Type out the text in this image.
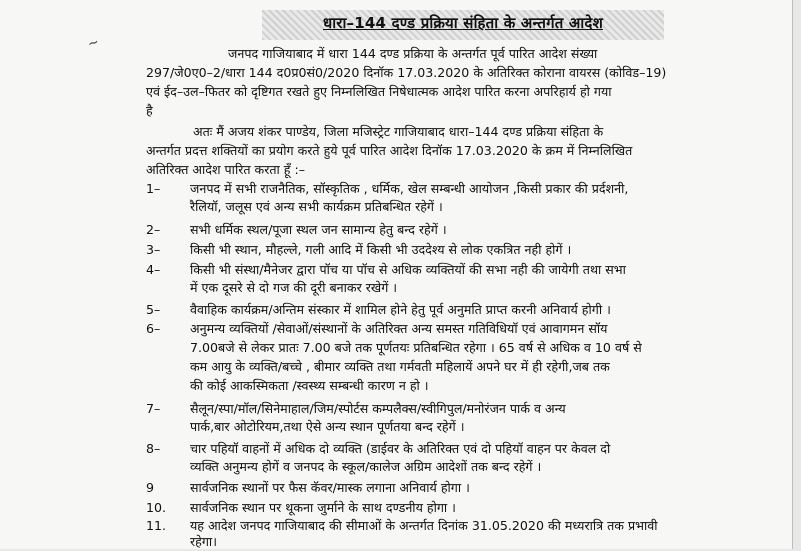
धारा–144 दण्ड प्रक्रिया संहिता के अन्तर्गत आदेश
~
जनपद गाजियाबाद में धारा 144 दण्ड प्रक्रिया के अन्तर्गत पूर्व पारित आदेश संख्या
297/जे0ए0–2/धारा 144 द0प्र0सं0/2020 दिनॉक 17.03.2020 के अतिरिक्त कोराना वायरस (कोविड–19)
एवं ईद–उल–फितर को दृष्टिगत रखते हुए निम्नलिखित निषेधात्मक आदेश पारित करना अपरिहार्य हो गया
है
अतः मैं अजय शंकर पाण्डेय, जिला मजिस्ट्रेट गाजियाबाद धारा–144 दण्ड प्रक्रिया संहिता के
अन्तर्गत प्रदत्त शक्तियों का प्रयोग करते हुये पूर्व पारित आदेश दिनॉक 17.03.2020 के क्रम में निम्नलिखित
अतिरिक्त आदेश पारित करता हूँ :–
1– जनपद में सभी राजनैतिक, सॉस्कृतिक , धर्मिक, खेल सम्बन्धी आयोजन ,किसी प्रकार की प्रर्दशनी,
रैलियॉ, जलूस एवं अन्य सभी कार्यक्रम प्रतिबन्धित रहेगें ।
2– सभी धर्मिक स्थल/पूजा स्थल जन सामान्य हेतु बन्द रहेगें ।
3– किसी भी स्थान, मौहल्ले, गली आदि में किसी भी उददेश्य से लोक एकत्रित नही होगें ।
4– किसी भी संस्था/मैनेजर द्वारा पॉच या पॉच से अधिक व्यक्तियों की सभा नही की जायेगी तथा सभा
में एक दूसरे से दो गज की दूरी बनाकर रखेगें ।
5– वैवाहिक कार्यक्रम/अन्तिम संस्कार में शामिल होने हेतु पूर्व अनुमति प्राप्त करनी अनिवार्य होगी ।
6– अनुमन्य व्यक्तियों /सेवाओं/संस्थानों के अतिरिक्त अन्य समस्त गतिविधियॉ एवं आवागमन सॉय
7.00बजे से लेकर प्रातः 7.00 बजे तक पूर्णतयः प्रतिबन्धित रहेगा । 65 वर्ष से अधिक व 10 वर्ष से
कम आयु के व्यक्ति/बच्चे , बीमार व्यक्ति तथा गर्मवती महिलायें अपने घर में ही रहेगी,जब तक
की कोई आकस्मिकता /स्वस्थ्य सम्बन्धी कारण न हो ।
7– सैलून/स्पा/मॉल/सिनेमाहाल/जिम/स्पोर्टस कम्पलैक्स/स्वीगिपुल/मनोरंजन पार्क व अन्य
पार्क,बार ओटोरियम,तथा ऐसे अन्य स्थान पूर्णतया बन्द रहेगें ।
8– चार पहियॉ वाहनों में अधिक दो व्यक्ति (डाईवर के अतिरिक्त एवं दो पहियॉ वाहन पर केवल दो
व्यक्ति अनुमन्य होगें व जनपद के स्कूल/कालेज अग्रिम आदेशों तक बन्द रहेगें ।
9	सार्वजनिक स्थानों पर फैस कॅवर/मास्क लगाना अनिवार्य होगा ।
10. सार्वजनिक स्थान पर थूकना जुर्माने के साथ दण्डनीय होगा ।
11. यह आदेश जनपद गाजियाबाद की सीमाओं के अन्तर्गत दिनांक 31.05.2020 की मध्यरात्रि तक प्रभावी
रहेगा।
